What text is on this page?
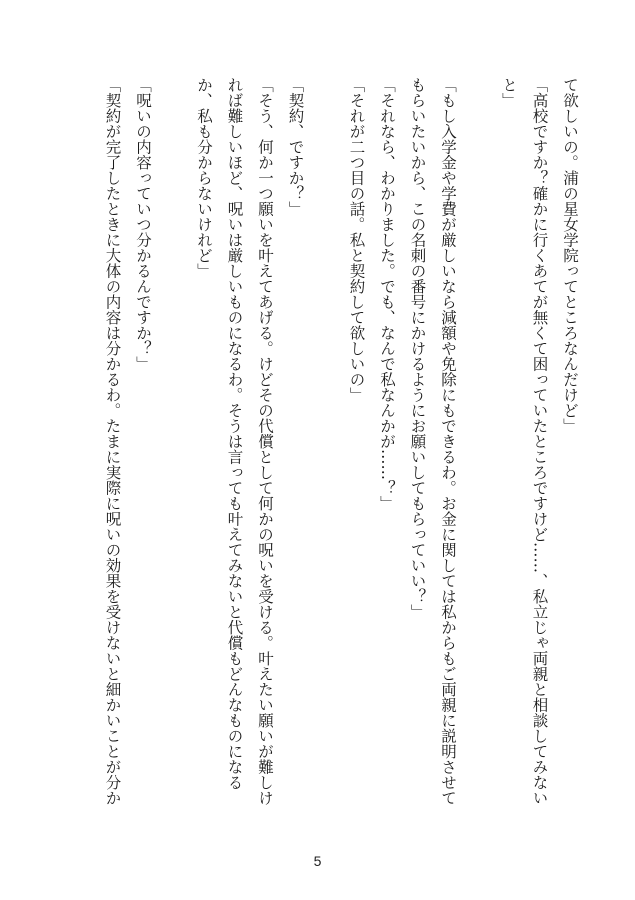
て欲しいの。浦の星女学院ってところなんだけど」
「高校ですか？確かに行くあてが無くて困っていたところですけど……、私立じゃ両親と相談してみない
と」
「もし入学金や学費が厳しいなら減額や免除にもできるわ。お金に関しては私からもご両親に説明させて
もらいたいから、この名刺の番号にかけるようにお願いしてもらっていい？」
「それなら、わかりました。でも、なんで私なんかが……？」
「それが二つ目の話。私と契約して欲しいの」
「契約、ですか？」
「そう、何か一つ願いを叶えてあげる。けどその代償として何かの呪いを受ける。叶えたい願いが難しけ
れば難しいほど、呪いは厳しいものになるわ。そうは言っても叶えてみないと代償もどんなものになる
か、私も分からないけれど」
「呪いの内容っていつ分かるんですか？」
「契約が完了したときに大体の内容は分かるわ。たまに実際に呪いの効果を受けないと細かいことが分か
5
